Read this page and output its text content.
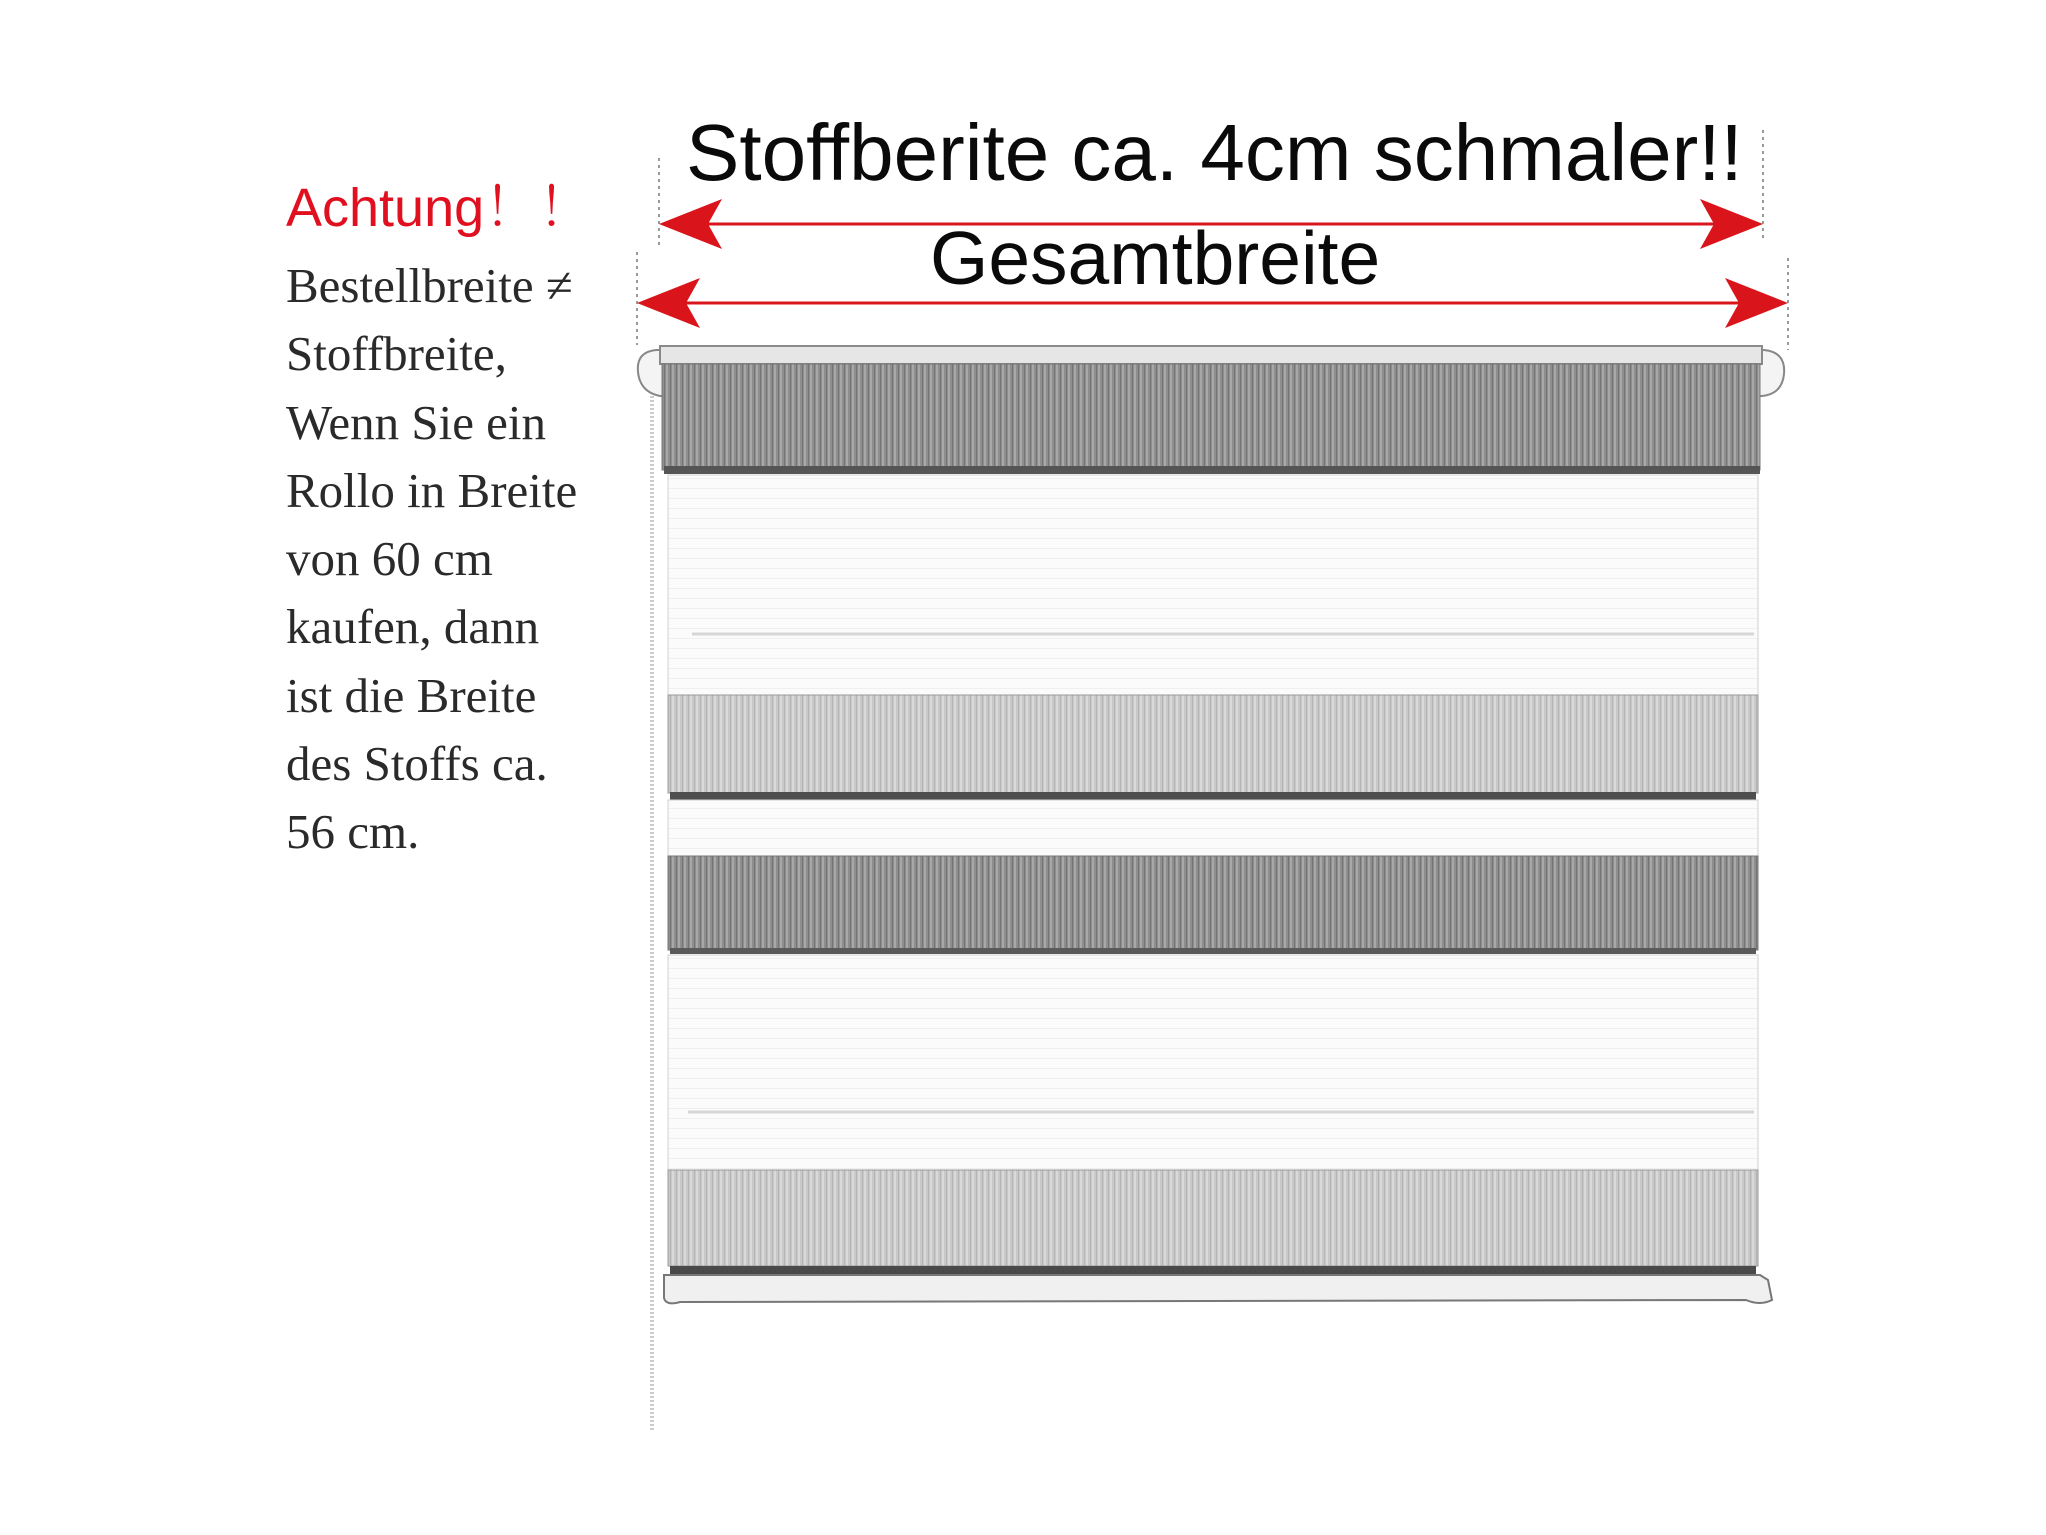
Achtung！！
Bestellbreite ≠
Stoffbreite,
Wenn Sie ein
Rollo in Breite
von 60 cm
kaufen, dann
ist die Breite
des Stoffs ca.
56 cm.
Stoffberite ca. 4cm schmaler!!
Gesamtbreite
